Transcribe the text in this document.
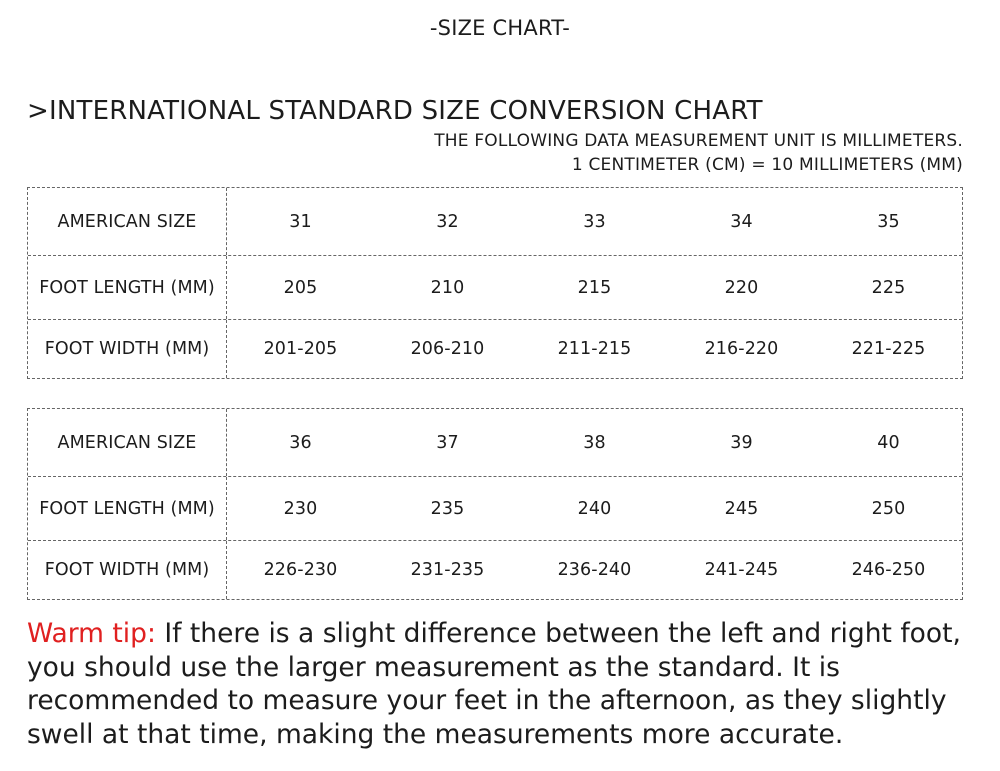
-SIZE CHART-
>INTERNATIONAL STANDARD SIZE CONVERSION CHART
THE FOLLOWING DATA MEASUREMENT UNIT IS MILLIMETERS.
1 CENTIMETER (CM) = 10 MILLIMETERS (MM)
AMERICAN SIZE	31	32	33	34	35
FOOT LENGTH (MM)	205	210	215	220	225
FOOT WIDTH (MM)	201-205	206-210	211-215	216-220	221-225
AMERICAN SIZE	36	37	38	39	40
FOOT LENGTH (MM)	230	235	240	245	250
FOOT WIDTH (MM)	226-230	231-235	236-240	241-245	246-250
Warm tip: If there is a slight difference between the left and right foot, you should use the larger measurement as the standard. It is recommended to measure your feet in the afternoon, as they slightly swell at that time, making the measurements more accurate.
